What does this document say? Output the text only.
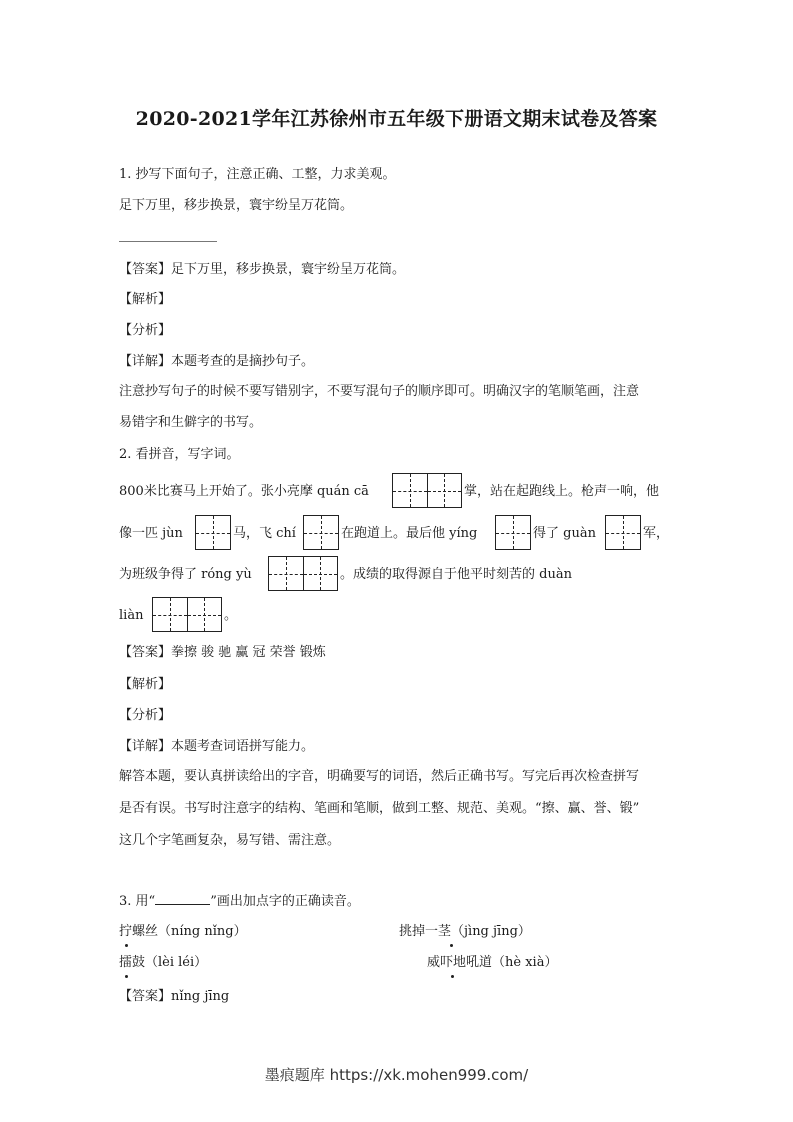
2020-2021学年江苏徐州市五年级下册语文期末试卷及答案
1. 抄写下面句子，注意正确、工整，力求美观。
足下万里，移步换景，寰宇纷呈万花筒。
【答案】足下万里，移步换景，寰宇纷呈万花筒。
【解析】
【分析】
【详解】本题考查的是摘抄句子。
注意抄写句子的时候不要写错别字，不要写混句子的顺序即可。明确汉字的笔顺笔画，注意
易错字和生僻字的书写。
2. 看拼音，写字词。
800米比赛马上开始了。张小亮摩 quán cā	掌，站在起跑线上。枪声一响，他
像一匹 jùn	马，飞 chí	在跑道上。最后他 yíng	得了 guàn	军，
为班级争得了 róng yù	。成绩的取得源自于他平时刻苦的 duàn
liàn	。
【答案】拳擦 骏 驰 赢 冠 荣誉 锻炼
【解析】
【分析】
【详解】本题考查词语拼写能力。
解答本题，要认真拼读给出的字音，明确要写的词语，然后正确书写。写完后再次检查拼写
是否有误。书写时注意字的结构、笔画和笔顺，做到工整、规范、美观。“擦、赢、誉、锻”
这几个字笔画复杂，易写错、需注意。
3. 用“	”画出加点字的正确读音。
拧螺丝（níng nǐng）	挑掉一茎（jìng jīng）
擂鼓（lèi léi）	威吓地吼道（hè xià）
【答案】nǐng jīng
墨痕题库 https://xk.mohen999.com/
